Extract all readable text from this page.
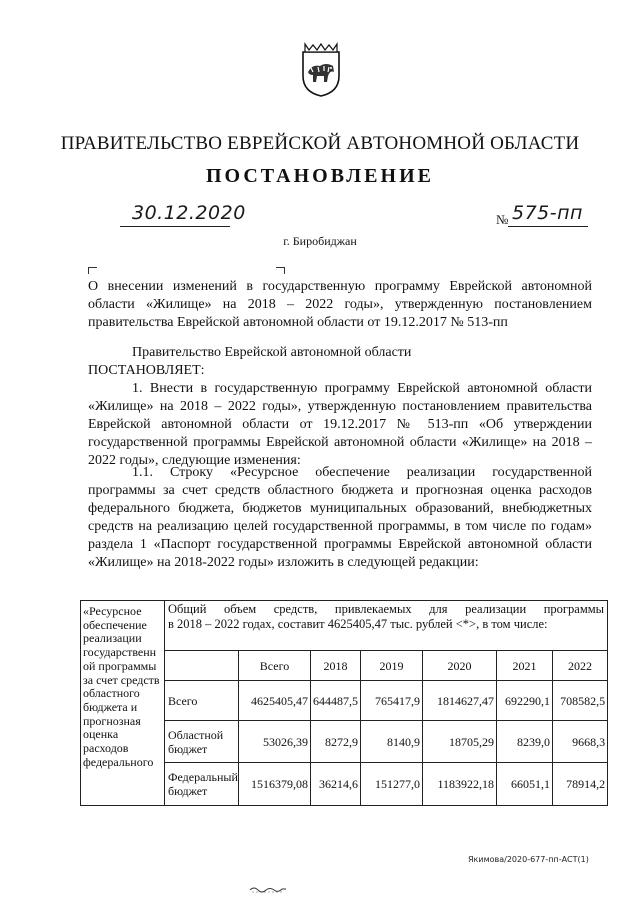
ПРАВИТЕЛЬСТВО ЕВРЕЙСКОЙ АВТОНОМНОЙ ОБЛАСТИ
ПОСТАНОВЛЕНИЕ
30.12.2020	№ 575-пп
г. Биробиджан
О внесении изменений в государственную программу Еврейской автономной области «Жилище» на 2018 – 2022 годы», утвержденную постановлением правительства Еврейской автономной области от 19.12.2017 № 513-пп
Правительство Еврейской автономной области
ПОСТАНОВЛЯЕТ:
1. Внести в государственную программу Еврейской автономной области «Жилище» на 2018 – 2022 годы», утвержденную постановлением правительства Еврейской автономной области от 19.12.2017 № 513-пп «Об утверждении государственной программы Еврейской автономной области «Жилище» на 2018 – 2022 годы», следующие изменения:
1.1. Строку «Ресурсное обеспечение реализации государственной программы за счет средств областного бюджета и прогнозная оценка расходов федерального бюджета, бюджетов муниципальных образований, внебюджетных средств на реализацию целей государственной программы, в том числе по годам» раздела 1 «Паспорт государственной программы Еврейской автономной области «Жилище» на 2018-2022 годы» изложить в следующей редакции:
«Ресурсное обеспечение реализации государственн ой программы за счет средств областного бюджета и прогнозная оценка расходов федерального	Общий объем средств, привлекаемых для реализации программы
в 2018 – 2022 годах, составит 4625405,47 тыс. рублей <*>, в том числе:						

		Всего	2018	2019	2020	2021	2022
	Всего	4625405,47	644487,5	765417,9	1814627,47	692290,1	708582,5
	Областной бюджет	53026,39	8272,9	8140,9	18705,29	8239,0	9668,3
	Федеральный бюджет	1516379,08	36214,6	151277,0	1183922,18	66051,1	78914,2
Якимова/2020-677-пп-АСТ(1)
